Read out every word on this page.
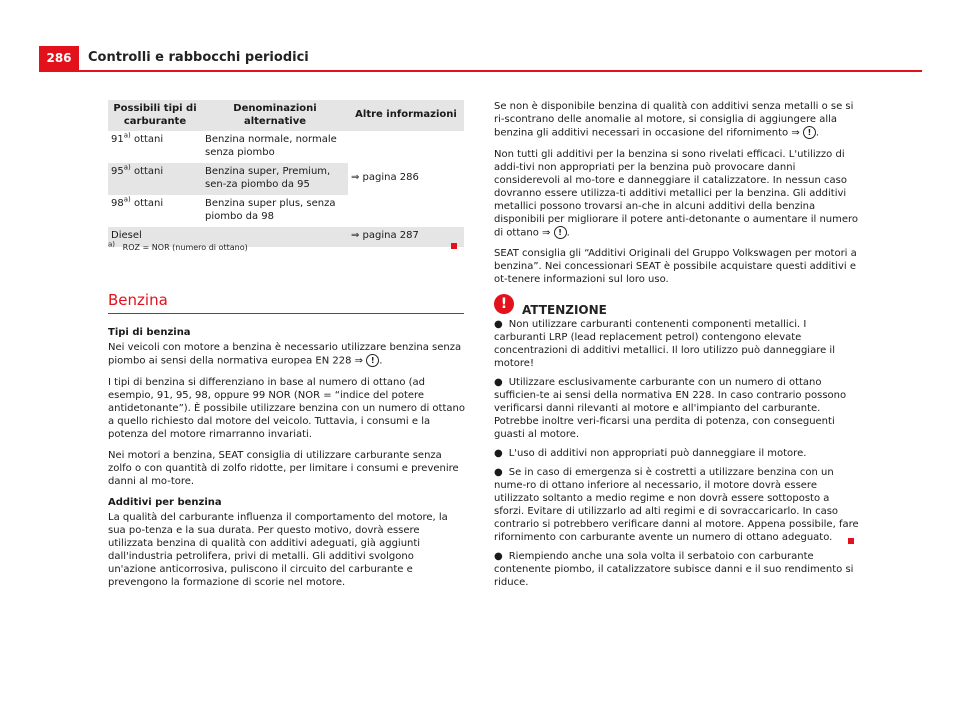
286	Controlli e rabbocchi periodici
Possibili tipi di carburante	Denominazioni alternative	Altre informazioni
91$^{a)}$ ottani	Benzina normale, normale senza piombo	⇒ pagina 286
95$^{a)}$ ottani	Benzina super, Premium, sen-za piombo da 95	
98$^{a)}$ ottani	Benzina super plus, senza piombo da 98	
Diesel		⇒ pagina 287
$^{a)}$ ROZ = NOR (numero di ottano)
Benzina

Tipi di benzina

Nei veicoli con motore a benzina è necessario utilizzare benzina senza piombo ai sensi della normativa europea EN 228 ⇒ ! .

I tipi di benzina si differenziano in base al numero di ottano (ad esempio, 91, 95, 98, oppure 99 NOR (NOR = “indice del potere antidetonante”). È possibile utilizzare benzina con un numero di ottano a quello richiesto dal motore del veicolo. Tuttavia, i consumi e la potenza del motore rimarranno invariati.

Nei motori a benzina, SEAT consiglia di utilizzare carburante senza zolfo o con quantità di zolfo ridotte, per limitare i consumi e prevenire danni al mo-tore.

Additivi per benzina

La qualità del carburante influenza il comportamento del motore, la sua po-tenza e la sua durata. Per questo motivo, dovrà essere utilizzata benzina di qualità con additivi adeguati, già aggiunti dall'industria petrolifera, privi di metalli. Gli additivi svolgono un'azione anticorrosiva, puliscono il circuito del carburante e prevengono la formazione di scorie nel motore.

Se non è disponibile benzina di qualità con additivi senza metalli o se si ri-scontrano delle anomalie al motore, si consiglia di aggiungere alla benzina gli additivi necessari in occasione del rifornimento ⇒ ! .

Non tutti gli additivi per la benzina si sono rivelati efficaci. L'utilizzo di addi-tivi non appropriati per la benzina può provocare danni considerevoli al mo-tore e danneggiare il catalizzatore. In nessun caso dovranno essere utilizza-ti additivi metallici per la benzina. Gli additivi metallici possono trovarsi an-che in alcuni additivi della benzina disponibili per migliorare il potere anti-detonante o aumentare il numero di ottano ⇒ ! .

SEAT consiglia gli “Additivi Originali del Gruppo Volkswagen per motori a benzina”. Nei concessionari SEAT è possibile acquistare questi additivi e ot-tenere informazioni sul loro uso.

!	ATTENZIONE

● Non utilizzare carburanti contenenti componenti metallici. I carburanti LRP (lead replacement petrol) contengono elevate concentrazioni di additivi metallici. Il loro utilizzo può danneggiare il motore!

● Utilizzare esclusivamente carburante con un numero di ottano sufficien-te ai sensi della normativa EN 228. In caso contrario possono verificarsi danni rilevanti al motore e all'impianto del carburante. Potrebbe inoltre veri-ficarsi una perdita di potenza, con conseguenti guasti al motore.

● L'uso di additivi non appropriati può danneggiare il motore.

● Se in caso di emergenza si è costretti a utilizzare benzina con un nume-ro di ottano inferiore al necessario, il motore dovrà essere utilizzato soltanto a medio regime e non dovrà essere sottoposto a sforzi. Evitare di utilizzarlo ad alti regimi e di sovraccaricarlo. In caso contrario si potrebbero verificare danni al motore. Appena possibile, fare rifornimento con carburante avente un numero di ottano adeguato.

● Riempiendo anche una sola volta il serbatoio con carburante contenente piombo, il catalizzatore subisce danni e il suo rendimento si riduce.
